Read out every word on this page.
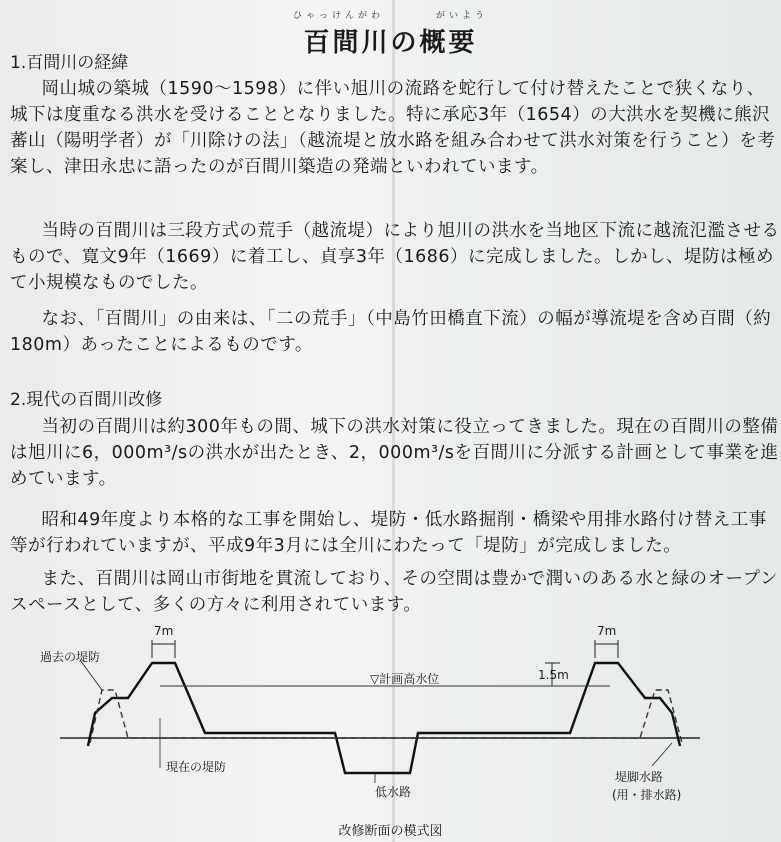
ひゃっけんがわ　　　　がいよう
百間川の概要
1.百間川の経緯
岡山城の築城（1590～1598）に伴い旭川の流路を蛇行して付け替えたことで狭くなり、城下は度重なる洪水を受けることとなりました。特に承応3年（1654）の大洪水を契機に熊沢蕃山（陽明学者）が「川除けの法」（越流堤と放水路を組み合わせて洪水対策を行うこと）を考案し、津田永忠に語ったのが百間川築造の発端といわれています。
当時の百間川は三段方式の荒手（越流堤）により旭川の洪水を当地区下流に越流氾濫させるもので、寛文9年（1669）に着工し、貞享3年（1686）に完成しました。しかし、堤防は極めて小規模なものでした。
なお、「百間川」の由来は、「二の荒手」（中島竹田橋直下流）の幅が導流堤を含め百間（約180m）あったことによるものです。
2.現代の百間川改修
当初の百間川は約300年もの間、城下の洪水対策に役立ってきました。現在の百間川の整備は旭川に6，000m³/sの洪水が出たとき、2，000m³/sを百間川に分派する計画として事業を進めています。
昭和49年度より本格的な工事を開始し、堤防・低水路掘削・橋梁や用排水路付け替え工事等が行われていますが、平成9年3月には全川にわたって「堤防」が完成しました。
また、百間川は岡山市街地を貫流しており、その空間は豊かで潤いのある水と緑のオープンスペースとして、多くの方々に利用されています。
過去の堤防
7m	7m
▽計画高水位	1.5m
現在の堤防
低水路
堤脚水路
(用・排水路)
改修断面の模式図
